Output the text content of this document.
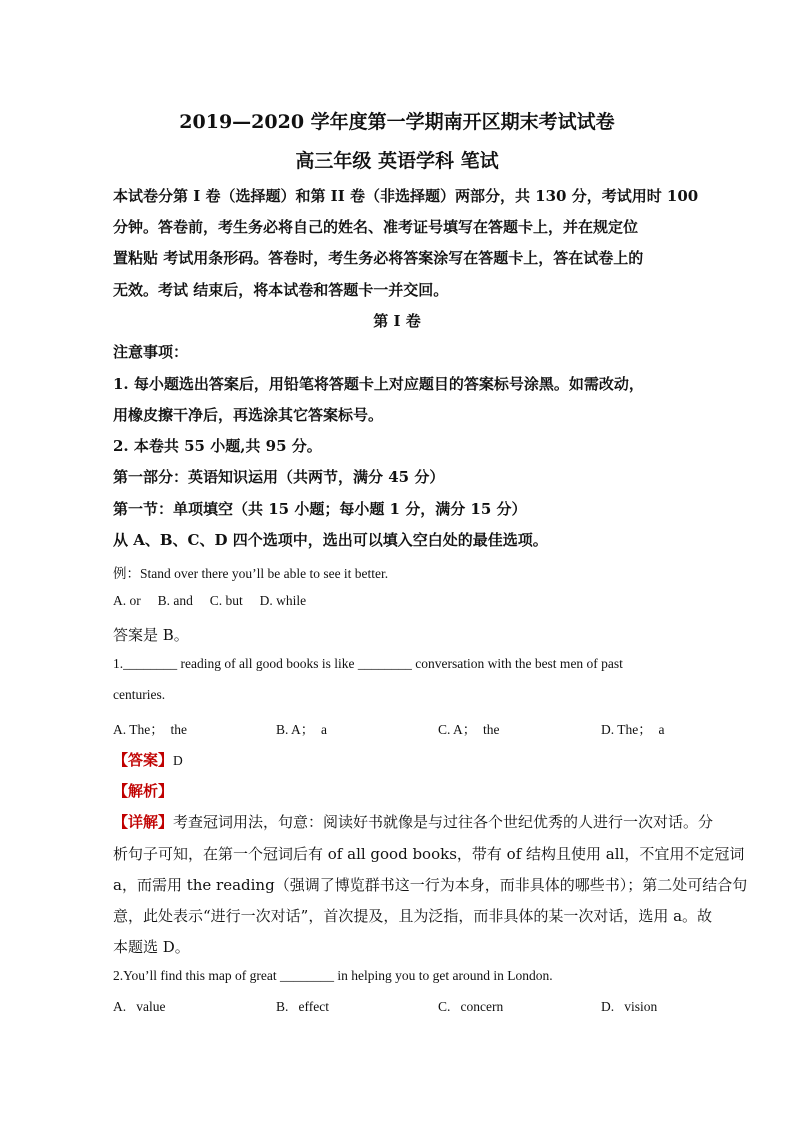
2019—2020 学年度第一学期南开区期末考试试卷
高三年级 英语学科 笔试
本试卷分第 I 卷（选择题）和第 II 卷（非选择题）两部分，共 130 分，考试用时 100
分钟。答卷前，考生务必将自己的姓名、准考证号填写在答题卡上，并在规定位
置粘贴 考试用条形码。答卷时，考生务必将答案涂写在答题卡上，答在试卷上的
无效。考试 结束后，将本试卷和答题卡一并交回。
第 I 卷
注意事项：
1. 每小题选出答案后，用铅笔将答题卡上对应题目的答案标号涂黑。如需改动，
用橡皮擦干净后，再选涂其它答案标号。
2. 本卷共 55 小题,共 95 分。
第一部分：英语知识运用（共两节，满分 45 分）
第一节：单项填空（共 15 小题；每小题 1 分，满分 15 分）
从 A、B、C、D 四个选项中，选出可以填入空白处的最佳选项。
例：Stand over there you’ll be able to see it better.
A. or     B. and     C. but     D. while
答案是 B。
1.________ reading of all good books is like ________ conversation with the best men of past
centuries.
A. The；  the	B. A；  a	C. A；  the	D. The；  a
【答案】D
【解析】
【详解】考查冠词用法，句意：阅读好书就像是与过往各个世纪优秀的人进行一次对话。分
析句子可知，在第一个冠词后有 of all good books，带有 of 结构且使用 all，不宜用不定冠词
a，而需用 the reading（强调了博览群书这一行为本身，而非具体的哪些书）；第二处可结合句
意，此处表示“进行一次对话”，首次提及，且为泛指，而非具体的某一次对话，选用 a。故
本题选 D。
2.You’ll find this map of great ________ in helping you to get around in London.
A.   value	B.   effect	C.   concern	D.   vision
